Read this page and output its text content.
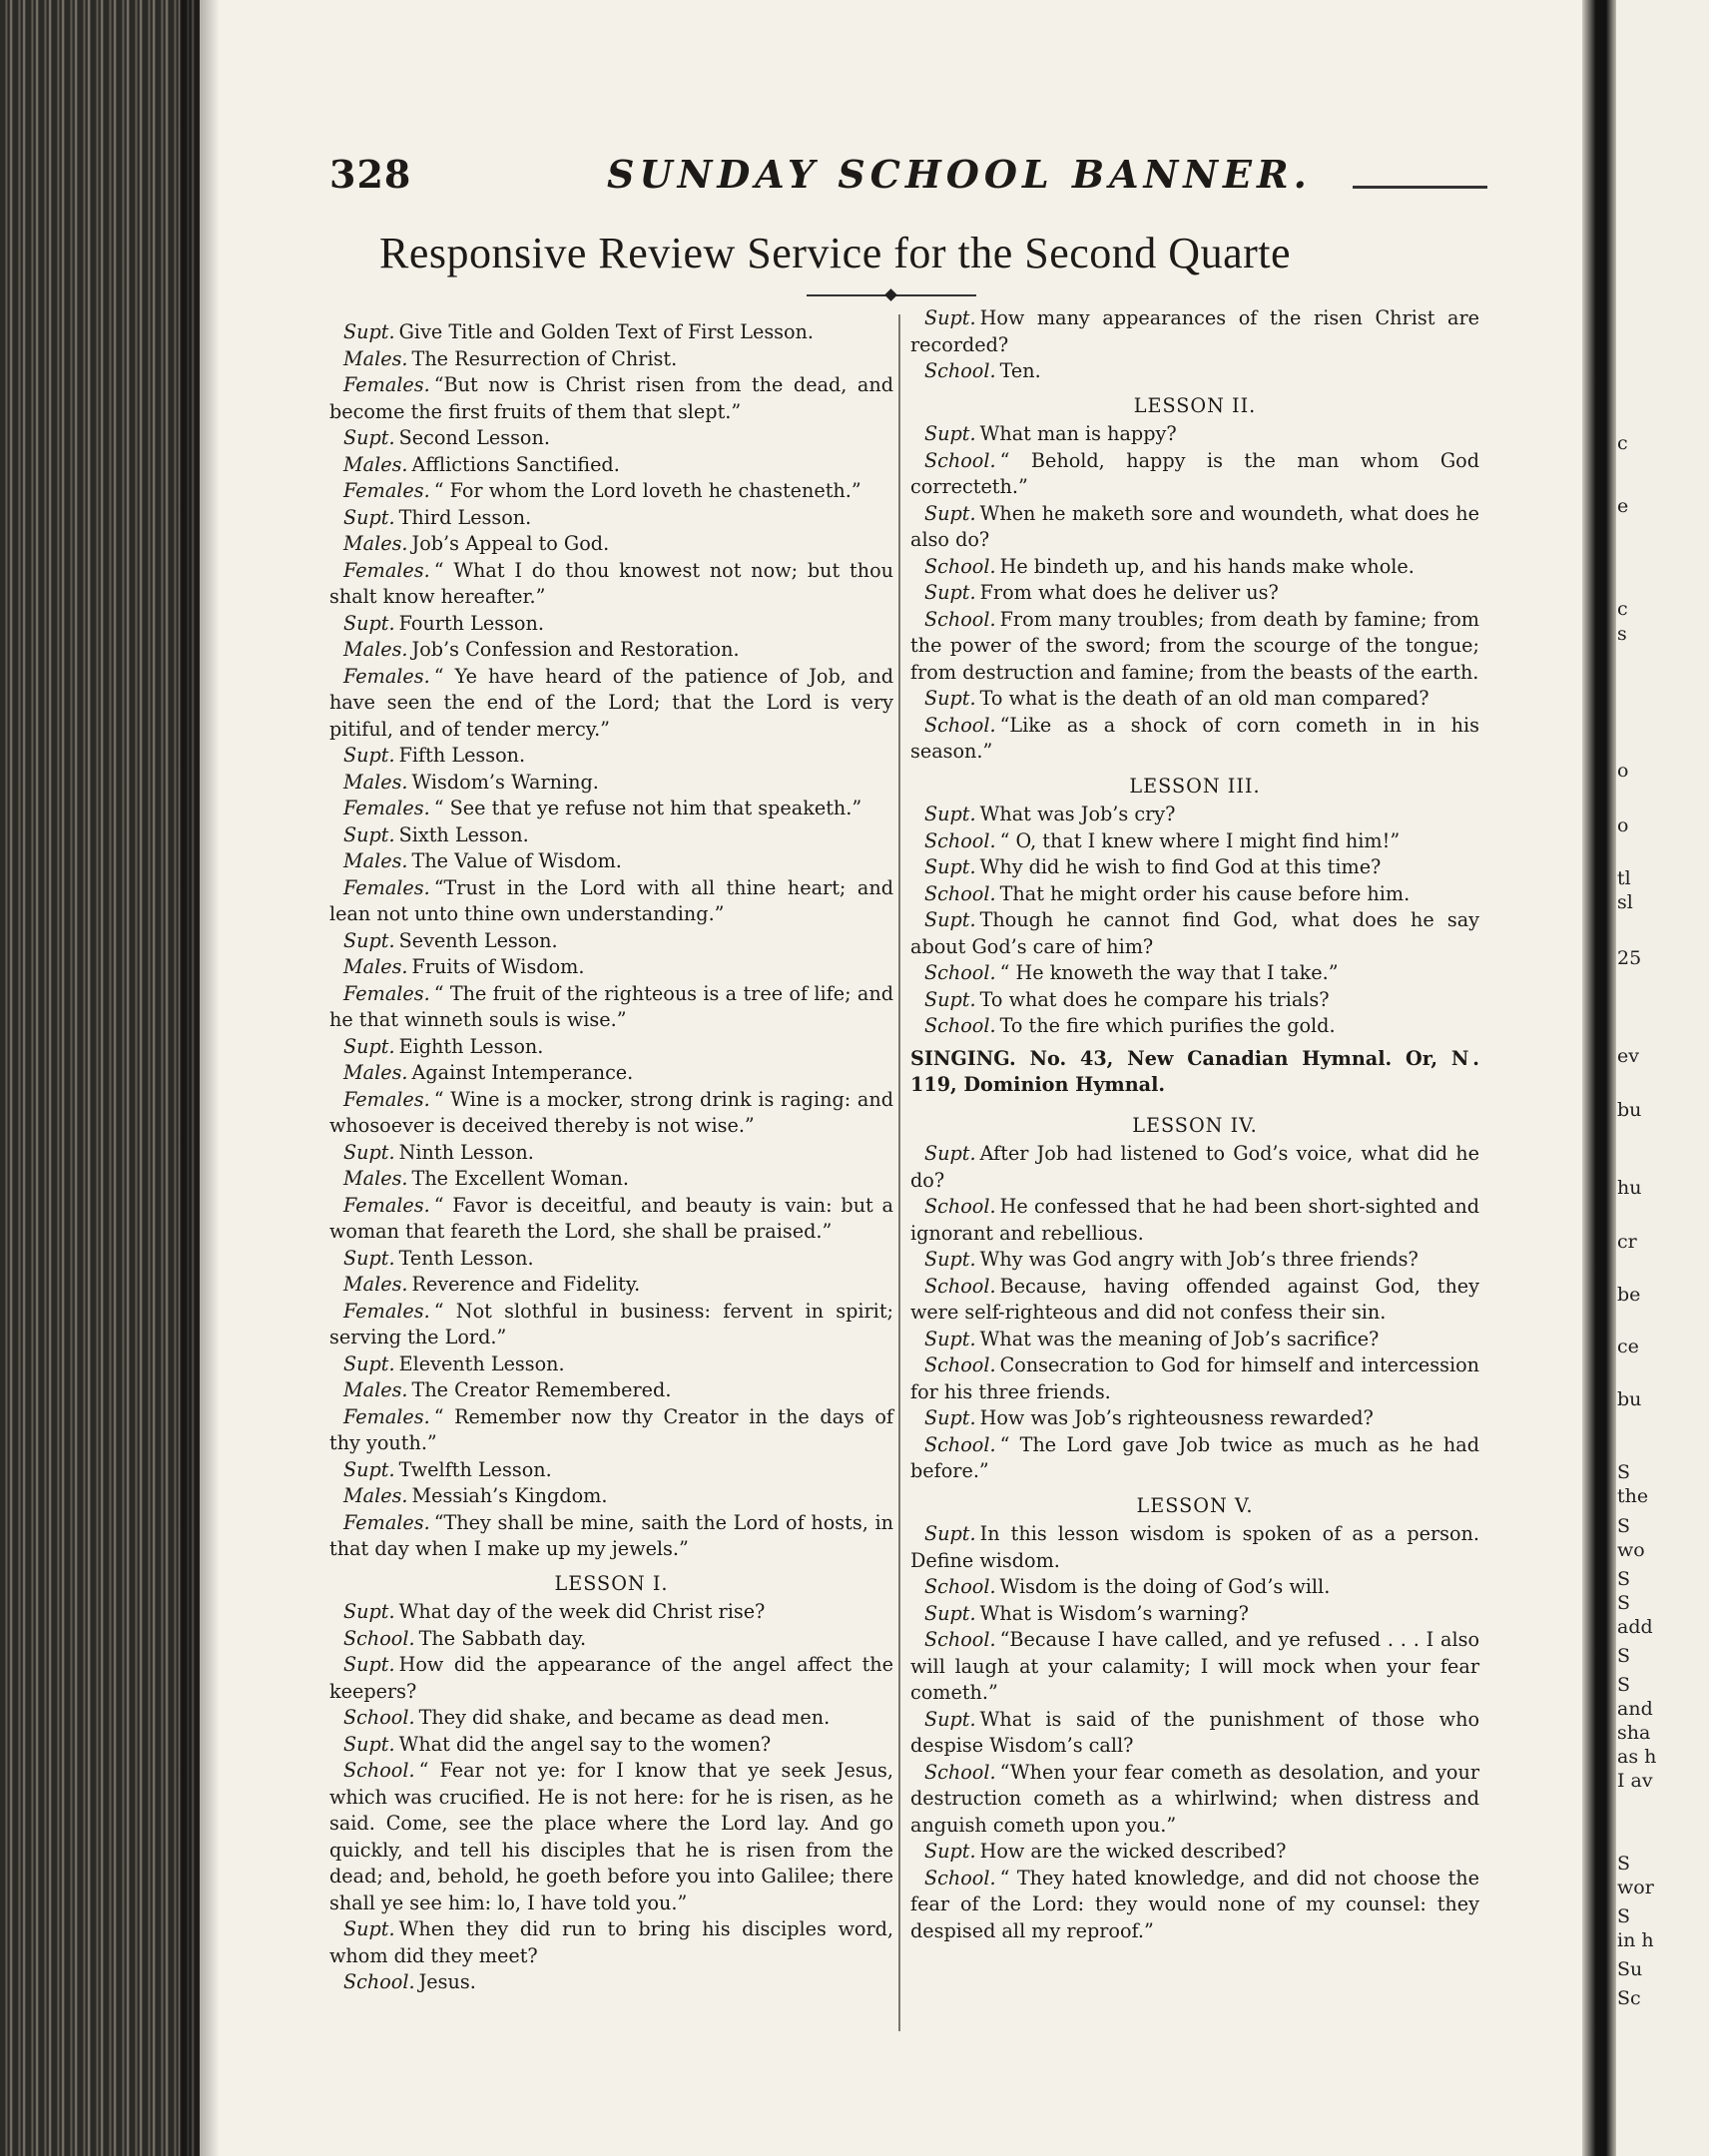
328	SUNDAY SCHOOL BANNER.
Responsive Review Service for the Second Quarte

Supt. Give Title and Golden Text of First Lesson.

Males. The Resurrection of Christ.

Females. “But now is Christ risen from the dead, and become the first fruits of them that slept.”

Supt. Second Lesson.

Males. Afflictions Sanctified.

Females. “ For whom the Lord loveth he chasteneth.”

Supt. Third Lesson.

Males. Job’s Appeal to God.

Females. “ What I do thou knowest not now; but thou shalt know hereafter.”

Supt. Fourth Lesson.

Males. Job’s Confession and Restoration.

Females. “ Ye have heard of the patience of Job, and have seen the end of the Lord; that the Lord is very pitiful, and of tender mercy.”

Supt. Fifth Lesson.

Males. Wisdom’s Warning.

Females. “ See that ye refuse not him that speaketh.”

Supt. Sixth Lesson.

Males. The Value of Wisdom.

Females. “Trust in the Lord with all thine heart; and lean not unto thine own understanding.”

Supt. Seventh Lesson.

Males. Fruits of Wisdom.

Females. “ The fruit of the righteous is a tree of life; and he that winneth souls is wise.”

Supt. Eighth Lesson.

Males. Against Intemperance.

Females. “ Wine is a mocker, strong drink is raging: and whosoever is deceived thereby is not wise.”

Supt. Ninth Lesson.

Males. The Excellent Woman.

Females. “ Favor is deceitful, and beauty is vain: but a woman that feareth the Lord, she shall be praised.”

Supt. Tenth Lesson.

Males. Reverence and Fidelity.

Females. “ Not slothful in business: fervent in spirit; serving the Lord.”

Supt. Eleventh Lesson.

Males. The Creator Remembered.

Females. “ Remember now thy Creator in the days of thy youth.”

Supt. Twelfth Lesson.

Males. Messiah’s Kingdom.

Females. “They shall be mine, saith the Lord of hosts, in that day when I make up my jewels.”

LESSON I.

Supt. What day of the week did Christ rise?

School. The Sabbath day.

Supt. How did the appearance of the angel affect the keepers?

School. They did shake, and became as dead men.

Supt. What did the angel say to the women?

School. “ Fear not ye: for I know that ye seek Jesus, which was crucified. He is not here: for he is risen, as he said. Come, see the place where the Lord lay. And go quickly, and tell his disciples that he is risen from the dead; and, behold, he goeth before you into Galilee; there shall ye see him: lo, I have told you.”

Supt. When they did run to bring his disciples word, whom did they meet?

School. Jesus.

Supt. How many appearances of the risen Christ are recorded?

School. Ten.

LESSON II.

Supt. What man is happy?

School. “ Behold, happy is the man whom God correcteth.”

Supt. When he maketh sore and woundeth, what does he also do?

School. He bindeth up, and his hands make whole.

Supt. From what does he deliver us?

School. From many troubles; from death by famine; from the power of the sword; from the scourge of the tongue; from destruction and famine; from the beasts of the earth.

Supt. To what is the death of an old man compared?

School. “Like as a shock of corn cometh in in his season.”

LESSON III.

Supt. What was Job’s cry?

School. “ O, that I knew where I might find him!”

Supt. Why did he wish to find God at this time?

School. That he might order his cause before him.

Supt. Though he cannot find God, what does he say about God’s care of him?

School. “ He knoweth the way that I take.”

Supt. To what does he compare his trials?

School. To the fire which purifies the gold.

SINGING. No. 43, New Canadian Hymnal. Or, N . 119, Dominion Hymnal.
LESSON IV.

Supt. After Job had listened to God’s voice, what did he do?

School. He confessed that he had been short-sighted and ignorant and rebellious.

Supt. Why was God angry with Job’s three friends?

School. Because, having offended against God, they were self-righteous and did not confess their sin.

Supt. What was the meaning of Job’s sacrifice?

School. Consecration to God for himself and intercession for his three friends.

Supt. How was Job’s righteousness rewarded?

School. “ The Lord gave Job twice as much as he had before.”

LESSON V.

Supt. In this lesson wisdom is spoken of as a person. Define wisdom.

School. Wisdom is the doing of God’s will.

Supt. What is Wisdom’s warning?

School. “Because I have called, and ye refused . . . I also will laugh at your calamity; I will mock when your fear cometh.”

Supt. What is said of the punishment of those who despise Wisdom’s call?

School. “When your fear cometh as desolation, and your destruction cometh as a whirlwind; when distress and anguish cometh upon you.”

Supt. How are the wicked described?

School. “ They hated knowledge, and did not choose the fear of the Lord: they would none of my counsel: they despised all my reproof.”

c
e
c
s
o
o
tl
sl
25
ev
bu
hu
cr
be
ce
bu
S
the
S
wo
S
S
add
S
S
and
sha
as h
I av
S
wor
S
in h
Su
Sc
